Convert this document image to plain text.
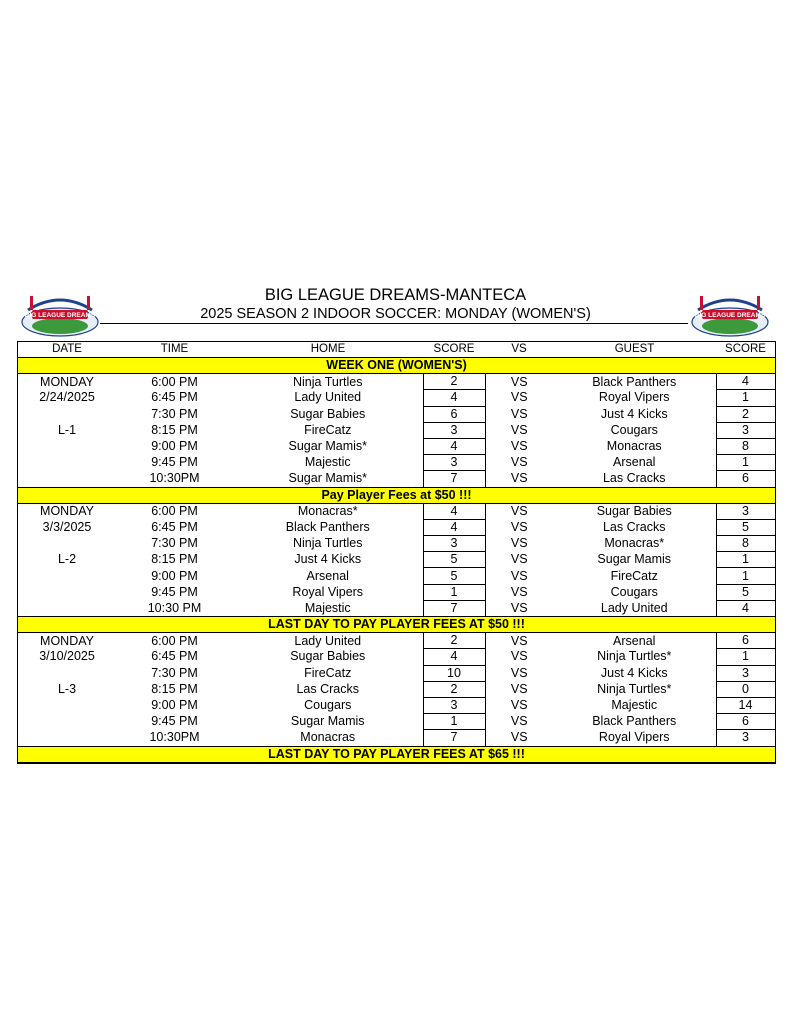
BIG LEAGUE DREAMS
BIG LEAGUE DREAMS-MANTECA
2025 SEASON 2 INDOOR SOCCER: MONDAY (WOMEN'S)	BIG LEAGUE DREAMS
DATE	TIME	HOME	SCORE	VS	GUEST	SCORE
WEEK ONE (WOMEN'S)						
MONDAY	6:00 PM	Ninja Turtles	2	VS	Black Panthers	4
2/24/2025	6:45 PM	Lady United	4	VS	Royal Vipers	1
	7:30 PM	Sugar Babies	6	VS	Just 4 Kicks	2
L-1	8:15 PM	FireCatz	3	VS	Cougars	3
	9:00 PM	Sugar Mamis*	4	VS	Monacras	8
	9:45 PM	Majestic	3	VS	Arsenal	1
	10:30PM	Sugar Mamis*	7	VS	Las Cracks	6
Pay Player Fees at $50 !!!						
MONDAY	6:00 PM	Monacras*	4	VS	Sugar Babies	3
3/3/2025	6:45 PM	Black Panthers	4	VS	Las Cracks	5
	7:30 PM	Ninja Turtles	3	VS	Monacras*	8
L-2	8:15 PM	Just 4 Kicks	5	VS	Sugar Mamis	1
	9:00 PM	Arsenal	5	VS	FireCatz	1
	9:45 PM	Royal Vipers	1	VS	Cougars	5
	10:30 PM	Majestic	7	VS	Lady United	4
LAST DAY TO PAY PLAYER FEES AT $50 !!!						
MONDAY	6:00 PM	Lady United	2	VS	Arsenal	6
3/10/2025	6:45 PM	Sugar Babies	4	VS	Ninja Turtles*	1
	7:30 PM	FireCatz	10	VS	Just 4 Kicks	3
L-3	8:15 PM	Las Cracks	2	VS	Ninja Turtles*	0
	9:00 PM	Cougars	3	VS	Majestic	14
	9:45 PM	Sugar Mamis	1	VS	Black Panthers	6
	10:30PM	Monacras	7	VS	Royal Vipers	3
LAST DAY TO PAY PLAYER FEES AT $65 !!!						
